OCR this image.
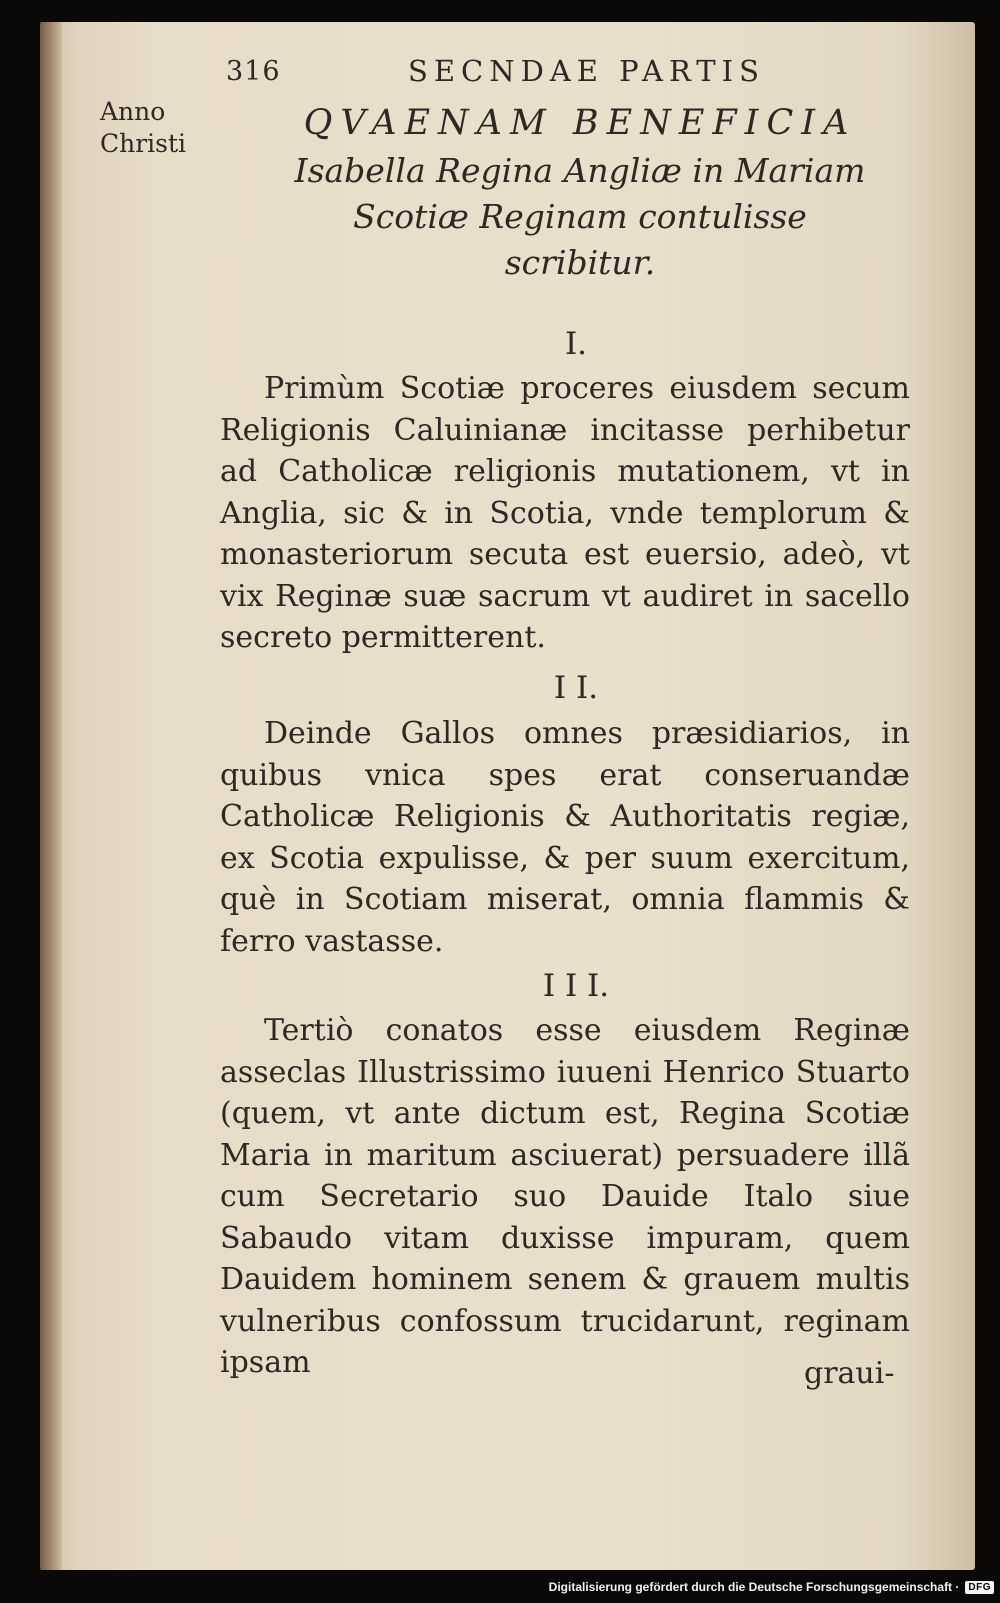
316	SECNDAE PARTIS
Anno
Christi
QVAENAM BENEFICIA
Isabella Regina Angliæ in Mariam
Scotiæ Reginam contulisse
scribitur.
I.

Primùm Scotiæ proceres eiusdem secum Religionis Caluinianæ incitasse perhibetur ad Catholicæ religionis mutationem, vt in Anglia, sic & in Scotia, vnde templorum & monasteriorum secuta est euersio, adeò, vt vix Reginæ suæ sacrum vt audiret in sacello secreto permitterent.

I I.

Deinde Gallos omnes præsidiarios, in quibus vnica spes erat conseruandæ Catholicæ Religionis & Authoritatis regiæ, ex Scotia expulisse, & per suum exercitum, què in Scotiam miserat, omnia flammis & ferro vastasse.

I I I.

Tertiò conatos esse eiusdem Reginæ asseclas Illustrissimo iuueni Henrico Stuarto (quem, vt ante dictum est, Regina Scotiæ Maria in maritum asciuerat) persuadere illã cum Secretario suo Dauide Italo siue Sabaudo vitam duxisse impuram, quem Dauidem hominem senem & grauem multis vulneribus confossum trucidarunt, reginam ipsam	graui-
Digitalisierung gefördert durch die Deutsche Forschungsgemeinschaft · DFG
